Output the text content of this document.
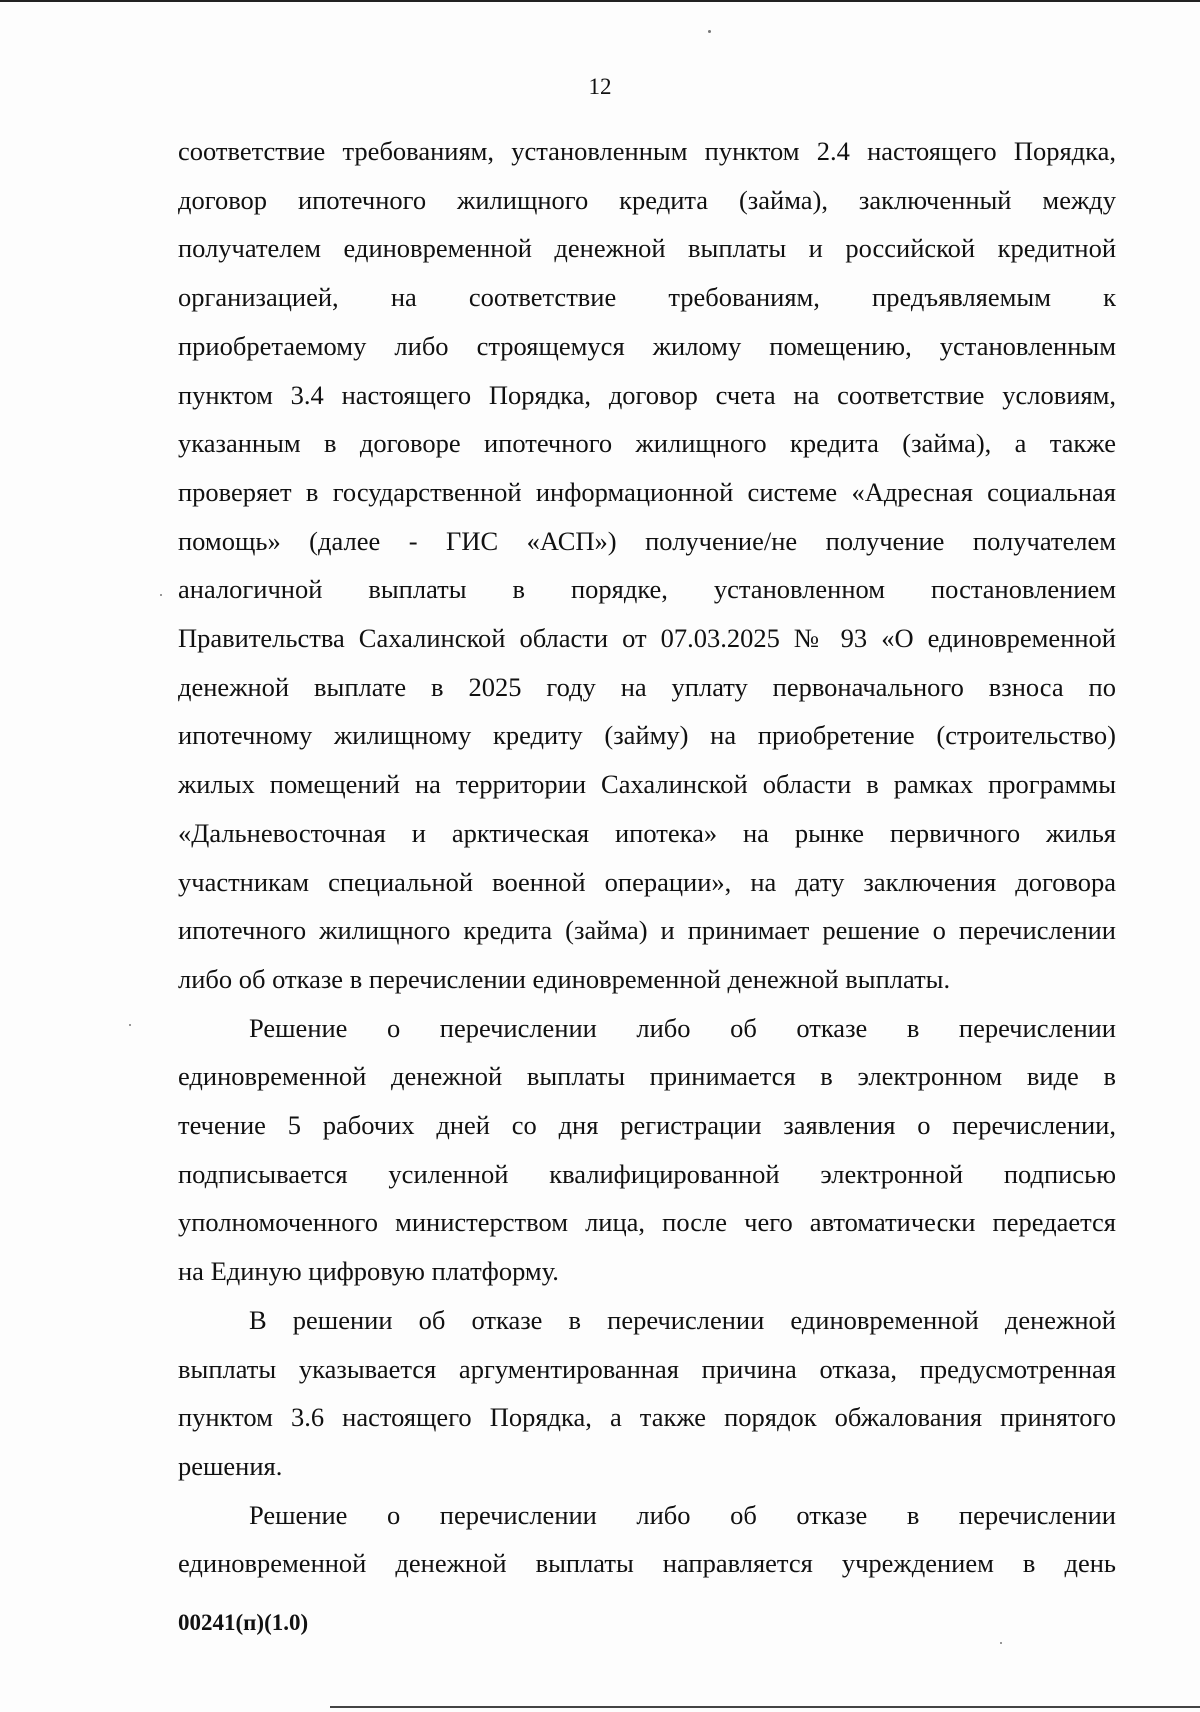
12

соответствие требованиям, установленным пунктом 2.4 настоящего Порядка,
договор ипотечного жилищного кредита (займа), заключенный между
получателем единовременной денежной выплаты и российской кредитной
организацией, на соответствие требованиям, предъявляемым к
приобретаемому либо строящемуся жилому помещению, установленным
пунктом 3.4 настоящего Порядка, договор счета на соответствие условиям,
указанным в договоре ипотечного жилищного кредита (займа), а также
проверяет в государственной информационной системе «Адресная социальная
помощь» (далее - ГИС «АСП») получение/не получение получателем
аналогичной выплаты в порядке, установленном постановлением
Правительства Сахалинской области от 07.03.2025 № 93 «О единовременной
денежной выплате в 2025 году на уплату первоначального взноса по
ипотечному жилищному кредиту (займу) на приобретение (строительство)
жилых помещений на территории Сахалинской области в рамках программы
«Дальневосточная и арктическая ипотека» на рынке первичного жилья
участникам специальной военной операции», на дату заключения договора
ипотечного жилищного кредита (займа) и принимает решение о перечислении
либо об отказе в перечислении единовременной денежной выплаты.

Решение о перечислении либо об отказе в перечислении
единовременной денежной выплаты принимается в электронном виде в
течение 5 рабочих дней со дня регистрации заявления о перечислении,
подписывается усиленной квалифицированной электронной подписью
уполномоченного министерством лица, после чего автоматически передается
на Единую цифровую платформу.

В решении об отказе в перечислении единовременной денежной
выплаты указывается аргументированная причина отказа, предусмотренная
пунктом 3.6 настоящего Порядка, а также порядок обжалования принятого
решения.

Решение о перечислении либо об отказе в перечислении
единовременной денежной выплаты направляется учреждением в день

00241(п)(1.0)
